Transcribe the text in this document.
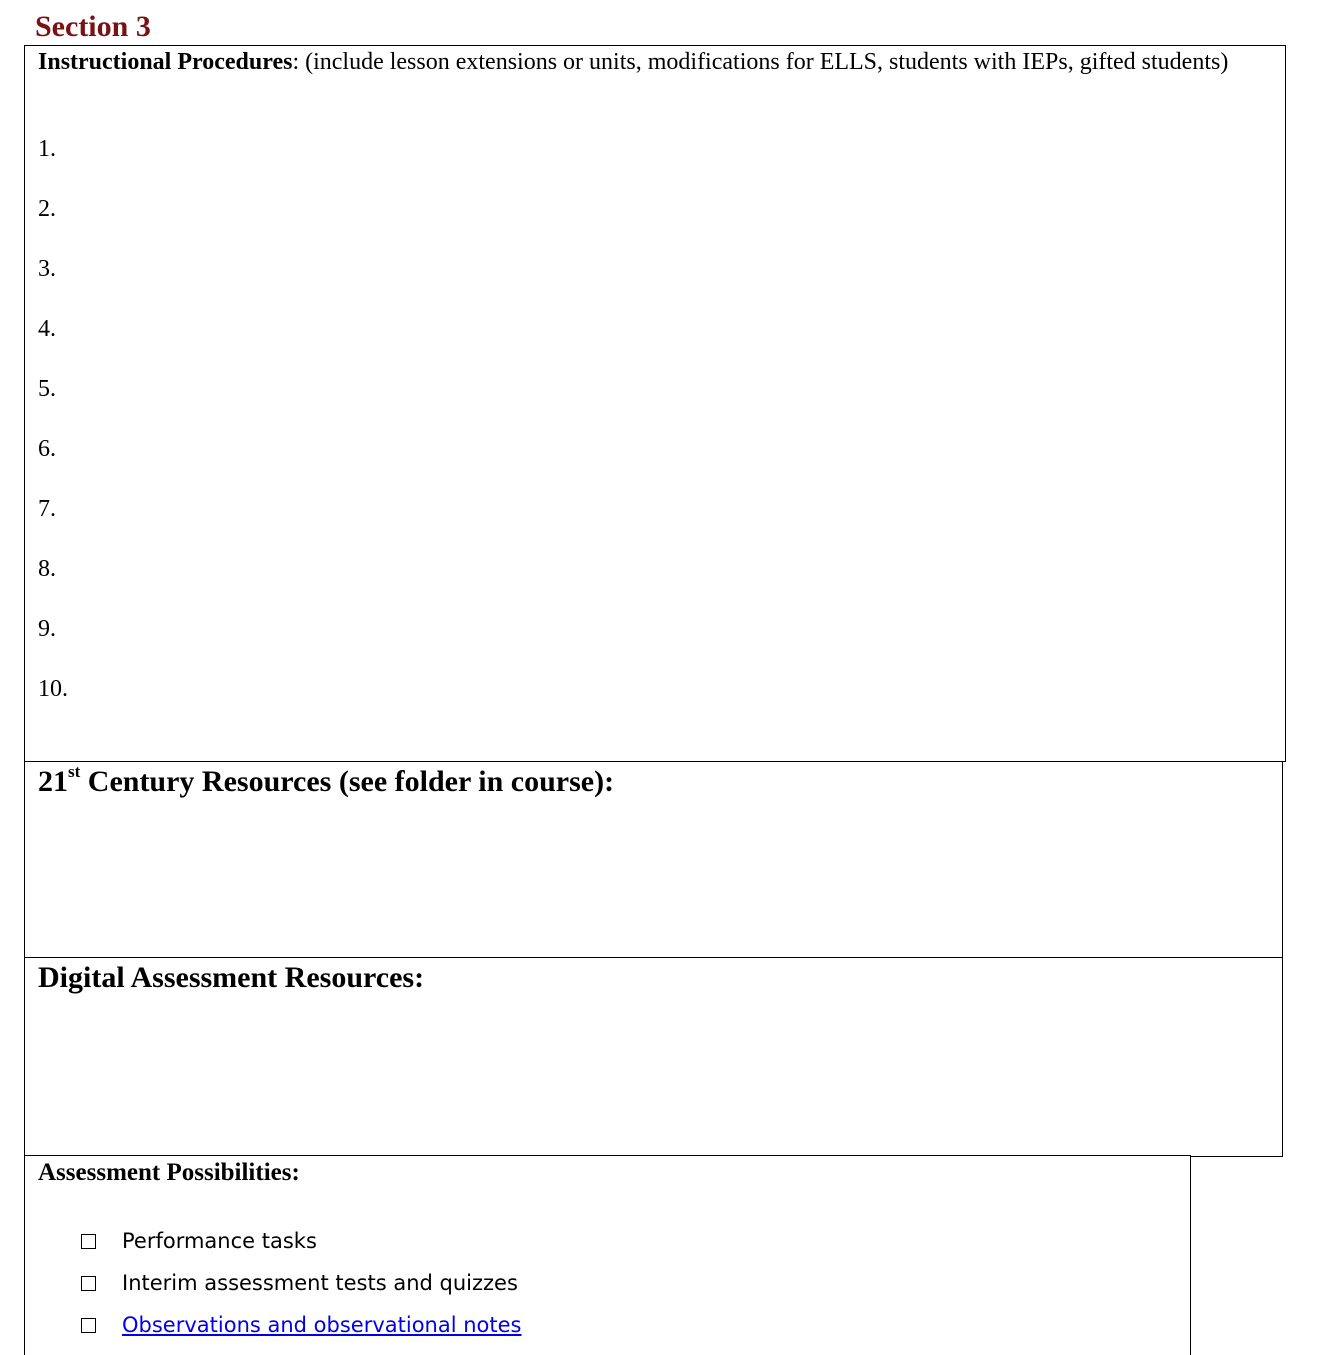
Section 3
Instructional Procedures: (include lesson extensions or units, modifications for ELLS, students with IEPs, gifted students)
1.
2.
3.
4.
5.
6.
7.
8.
9.
10.
21st Century Resources (see folder in course):
Digital Assessment Resources:
Assessment Possibilities:
Performance tasks
Interim assessment tests and quizzes
Observations and observational notes
